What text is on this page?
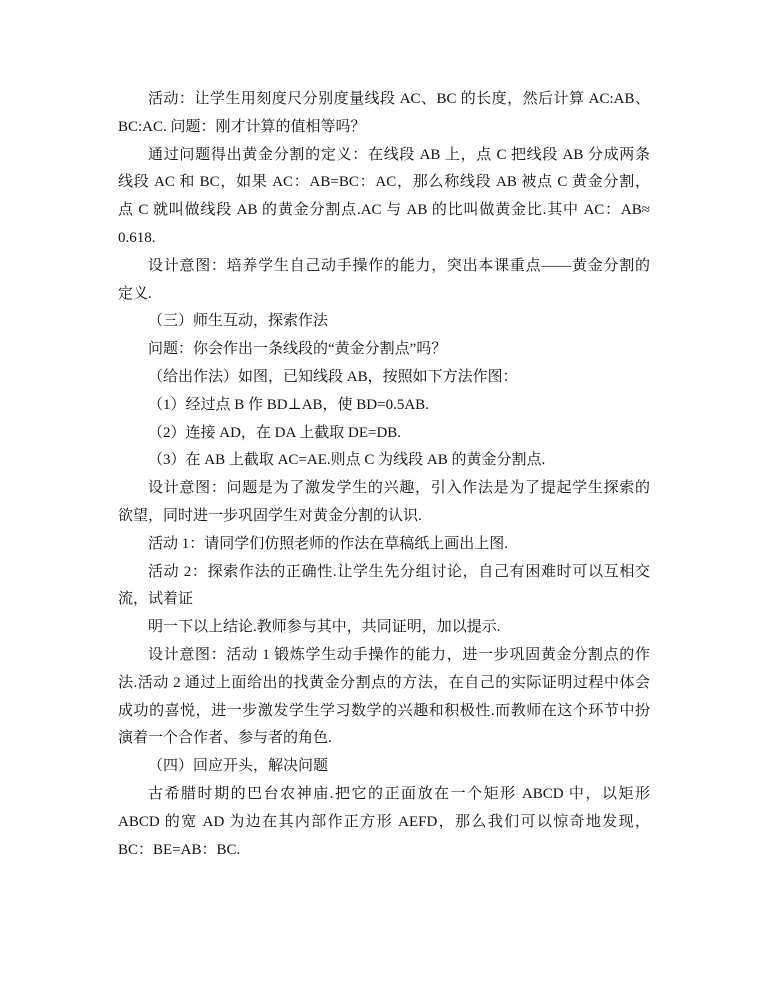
活动：让学生用刻度尺分别度量线段 AC、BC 的长度，然后计算 AC:AB、
BC:AC. 问题：刚才计算的值相等吗？
通过问题得出黄金分割的定义：在线段 AB 上，点 C 把线段 AB 分成两条
线段 AC 和 BC，如果 AC：AB=BC：AC，那么称线段 AB 被点 C 黄金分割，
点 C 就叫做线段 AB 的黄金分割点.AC 与 AB 的比叫做黄金比.其中 AC：AB≈
0.618.
设计意图：培养学生自己动手操作的能力，突出本课重点——黄金分割的
定义.
（三）师生互动，探索作法
问题：你会作出一条线段的“黄金分割点”吗？
（给出作法）如图，已知线段 AB，按照如下方法作图：
（1）经过点 B 作 BD⊥AB，使 BD=0.5AB.
（2）连接 AD，在 DA 上截取 DE=DB.
（3）在 AB 上截取 AC=AE.则点 C 为线段 AB 的黄金分割点.
设计意图：问题是为了激发学生的兴趣，引入作法是为了提起学生探索的
欲望，同时进一步巩固学生对黄金分割的认识.
活动 1：请同学们仿照老师的作法在草稿纸上画出上图.
活动 2：探索作法的正确性.让学生先分组讨论，自己有困难时可以互相交
流，试着证
明一下以上结论.教师参与其中，共同证明，加以提示.
设计意图：活动 1 锻炼学生动手操作的能力，进一步巩固黄金分割点的作
法.活动 2 通过上面给出的找黄金分割点的方法，在自己的实际证明过程中体会
成功的喜悦，进一步激发学生学习数学的兴趣和积极性.而教师在这个环节中扮
演着一个合作者、参与者的角色.
（四）回应开头，解决问题
古希腊时期的巴台农神庙.把它的正面放在一个矩形 ABCD 中，以矩形
ABCD 的宽 AD 为边在其内部作正方形 AEFD，那么我们可以惊奇地发现，
BC：BE=AB：BC.
